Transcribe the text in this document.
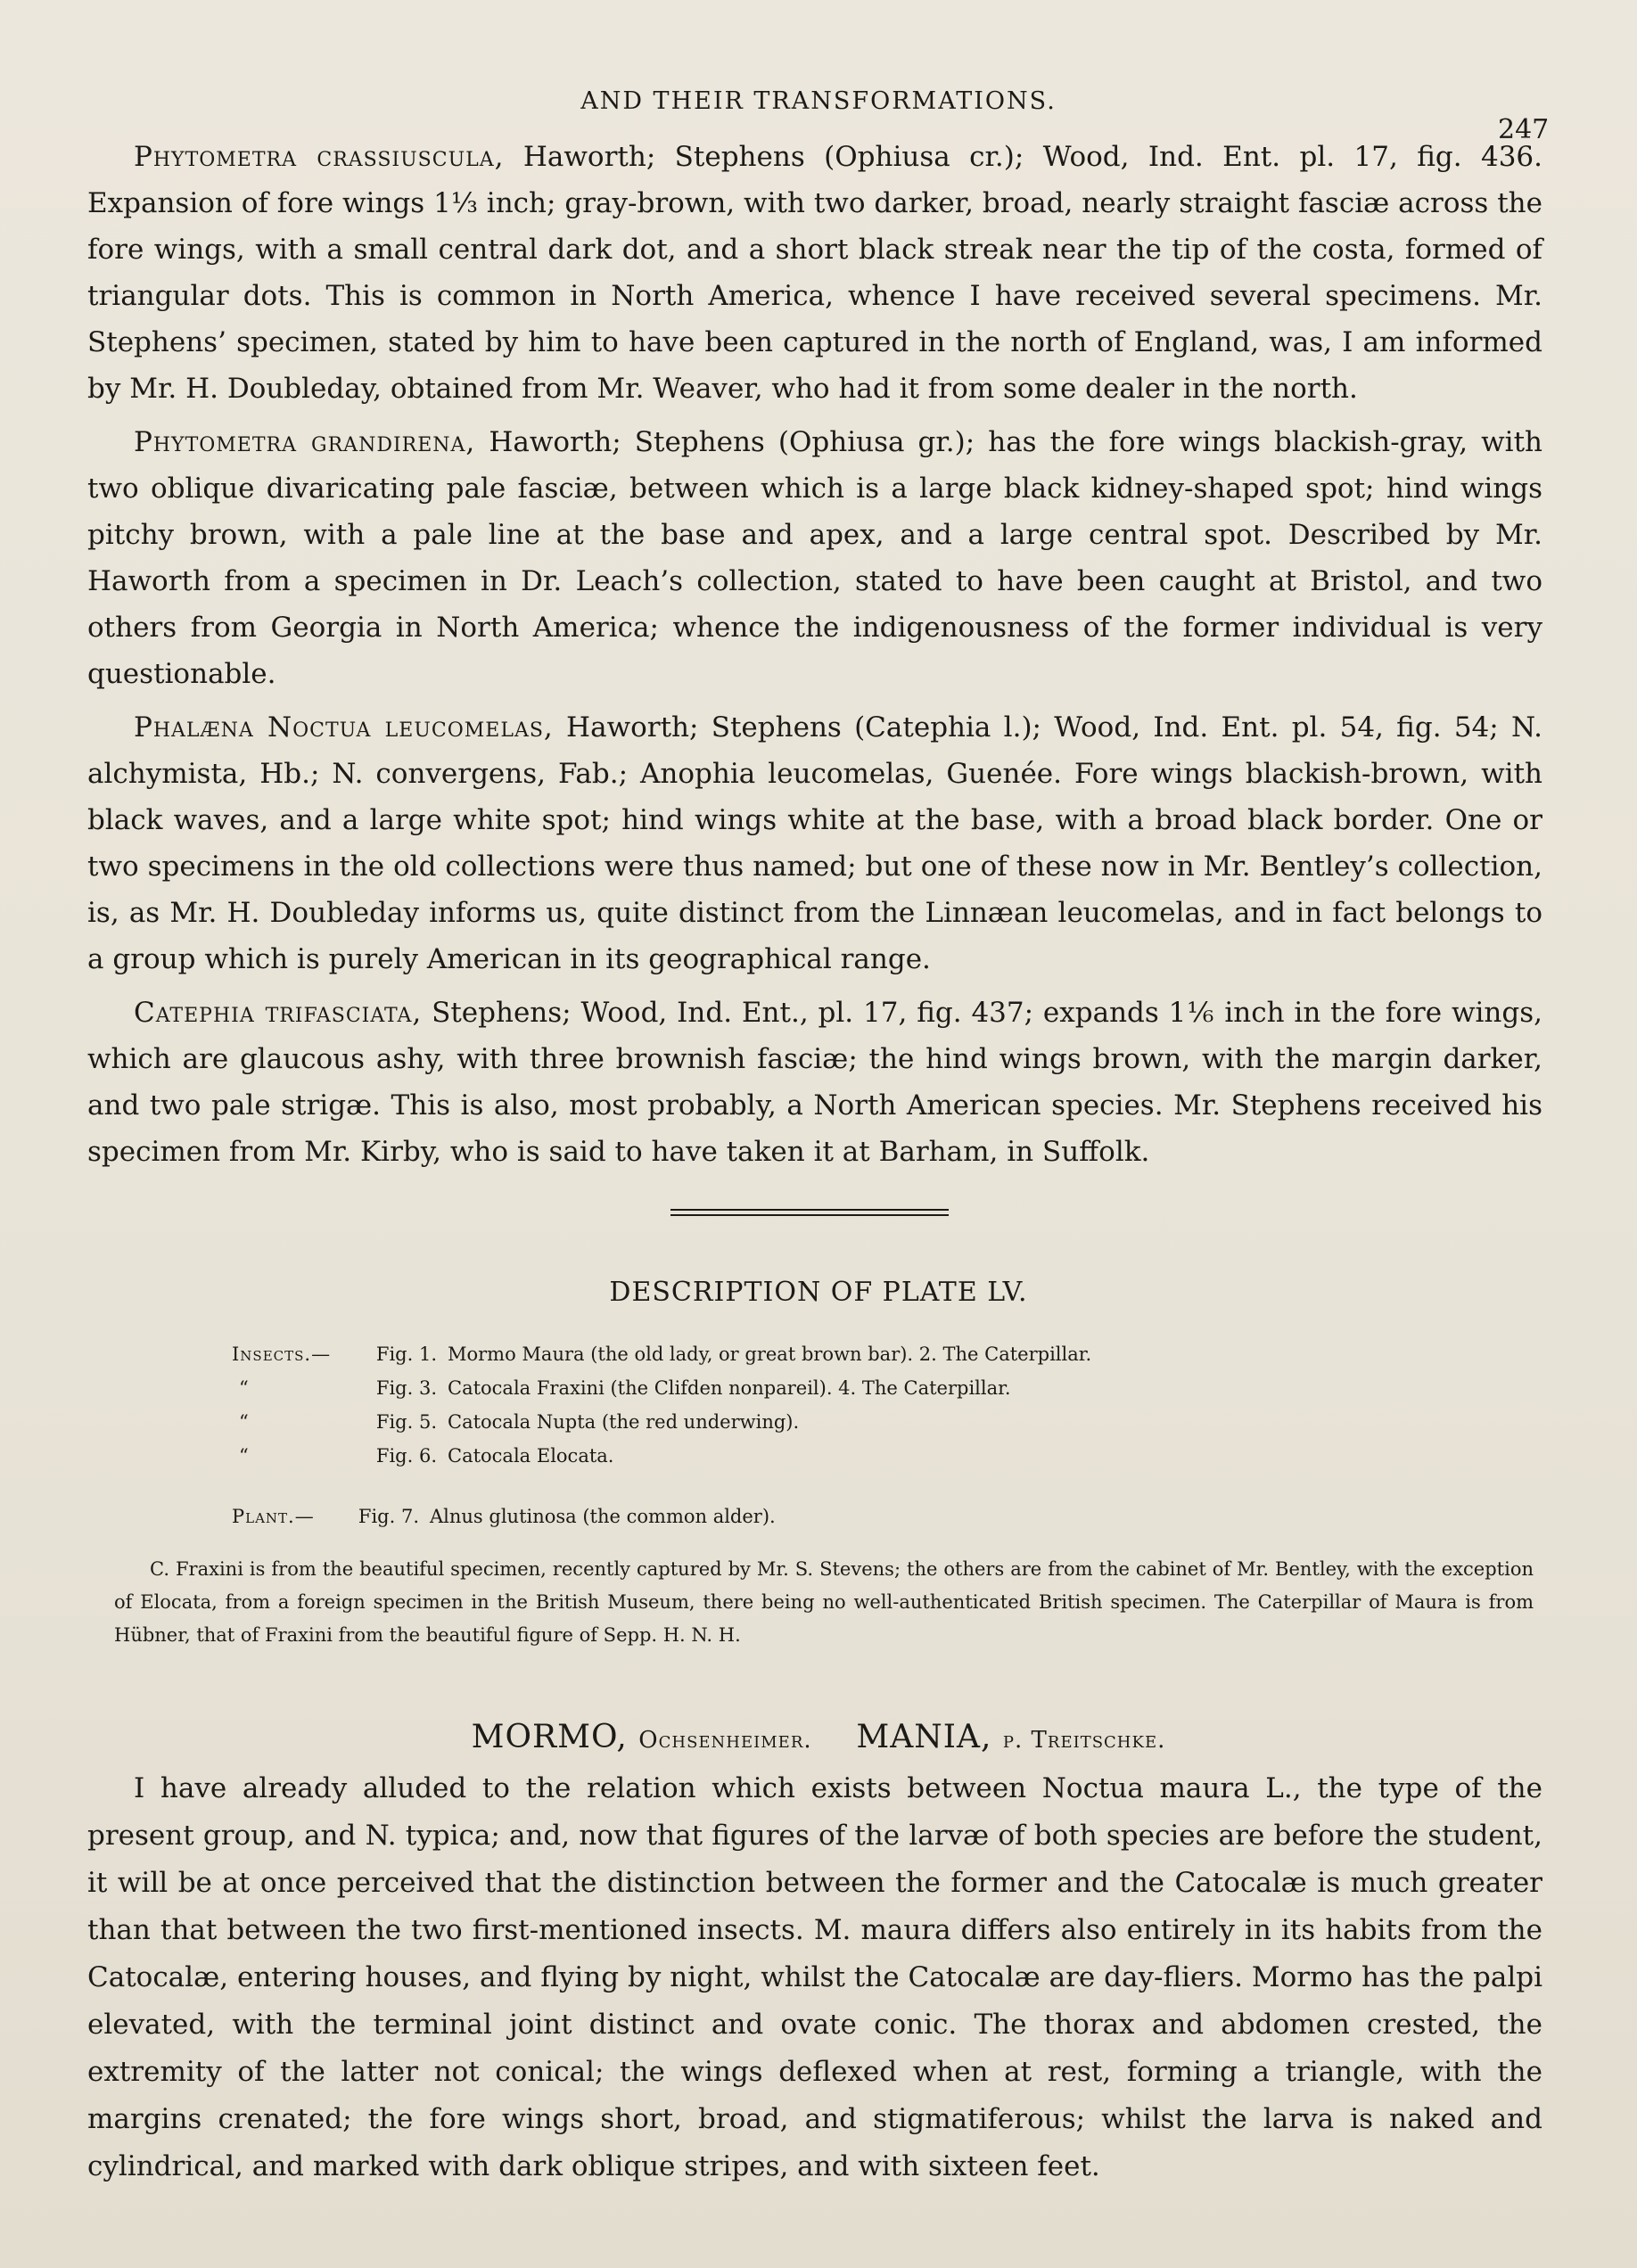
AND THEIR TRANSFORMATIONS.
247

Phytometra crassiuscula, Haworth; Stephens (Ophiusa cr.); Wood, Ind. Ent. pl. 17, fig. 436. Expansion of fore wings 1⅓ inch; gray-brown, with two darker, broad, nearly straight fasciæ across the fore wings, with a small central dark dot, and a short black streak near the tip of the costa, formed of triangular dots. This is common in North America, whence I have received several specimens. Mr. Stephens’ specimen, stated by him to have been captured in the north of England, was, I am informed by Mr. H. Doubleday, obtained from Mr. Weaver, who had it from some dealer in the north.

Phytometra grandirena, Haworth; Stephens (Ophiusa gr.); has the fore wings blackish-gray, with two oblique divaricating pale fasciæ, between which is a large black kidney-shaped spot; hind wings pitchy brown, with a pale line at the base and apex, and a large central spot. Described by Mr. Haworth from a specimen in Dr. Leach’s collection, stated to have been caught at Bristol, and two others from Georgia in North America; whence the indigenousness of the former individual is very questionable.

Phalæna Noctua leucomelas, Haworth; Stephens (Catephia l.); Wood, Ind. Ent. pl. 54, fig. 54; N. alchymista, Hb.; N. convergens, Fab.; Anophia leucomelas, Guenée. Fore wings blackish-brown, with black waves, and a large white spot; hind wings white at the base, with a broad black border. One or two specimens in the old collections were thus named; but one of these now in Mr. Bentley’s collection, is, as Mr. H. Doubleday informs us, quite distinct from the Linnæan leucomelas, and in fact belongs to a group which is purely American in its geographical range.

Catephia trifasciata, Stephens; Wood, Ind. Ent., pl. 17, fig. 437; expands 1⅙ inch in the fore wings, which are glaucous ashy, with three brownish fasciæ; the hind wings brown, with the margin darker, and two pale strigæ. This is also, most probably, a North American species. Mr. Stephens received his specimen from Mr. Kirby, who is said to have taken it at Barham, in Suffolk.

DESCRIPTION OF PLATE LV.
Insects.—	Fig. 1. Mormo Maura (the old lady, or great brown bar). 2. The Caterpillar.
“	Fig. 3. Catocala Fraxini (the Clifden nonpareil). 4. The Caterpillar.
“	Fig. 5. Catocala Nupta (the red underwing).
“	Fig. 6. Catocala Elocata.
Plant.—	Fig. 7. Alnus glutinosa (the common alder).

C. Fraxini is from the beautiful specimen, recently captured by Mr. S. Stevens; the others are from the cabinet of Mr. Bentley, with the exception of Elocata, from a foreign specimen in the British Museum, there being no well-authenticated British specimen. The Caterpillar of Maura is from Hübner, that of Fraxini from the beautiful figure of Sepp. H. N. H.

MORMO, Ochsenheimer. MANIA, p. Treitschke.

I have already alluded to the relation which exists between Noctua maura L., the type of the present group, and N. typica; and, now that figures of the larvæ of both species are before the student, it will be at once perceived that the distinction between the former and the Catocalæ is much greater than that between the two first-mentioned insects. M. maura differs also entirely in its habits from the Catocalæ, entering houses, and flying by night, whilst the Catocalæ are day-fliers. Mormo has the palpi elevated, with the terminal joint distinct and ovate conic. The thorax and abdomen crested, the extremity of the latter not conical; the wings deflexed when at rest, forming a triangle, with the margins crenated; the fore wings short, broad, and stigmatiferous; whilst the larva is naked and cylindrical, and marked with dark oblique stripes, and with sixteen feet.
